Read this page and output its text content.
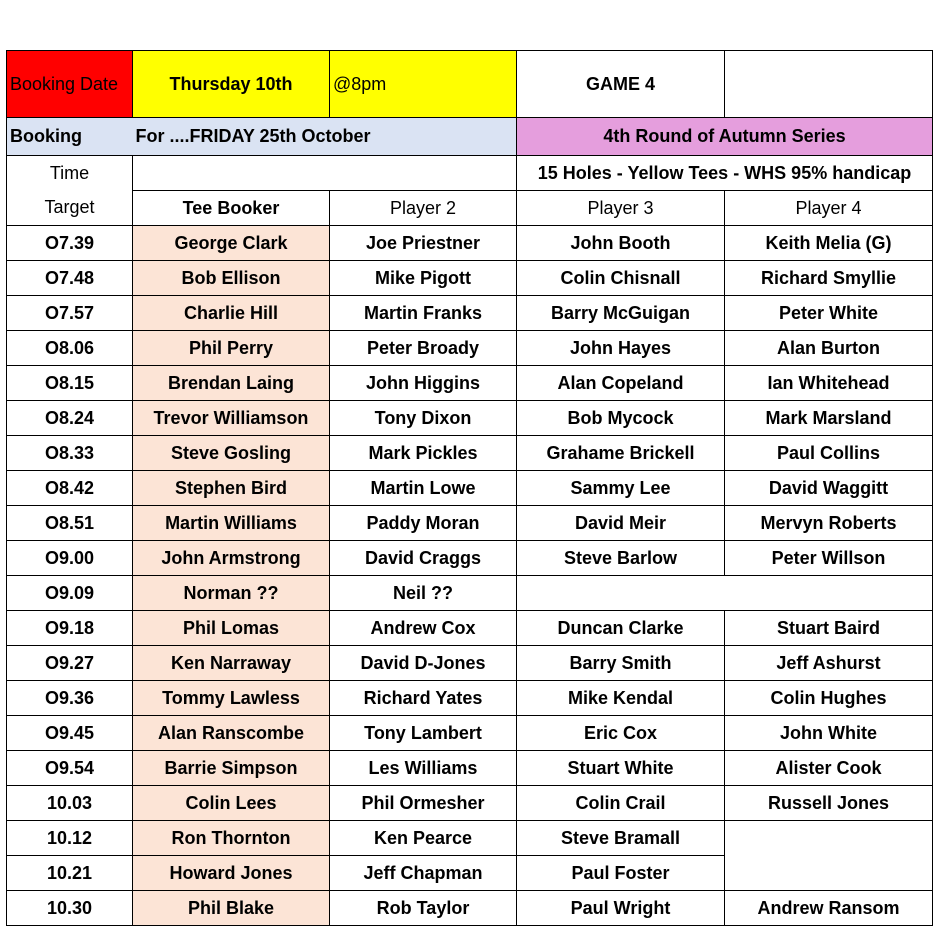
Booking Date	Thursday 10th	@8pm	GAME 4	
Booking	For ....FRIDAY 25th October		4th Round of Autumn Series	
Time			15 Holes - Yellow Tees - WHS 95% handicap	
Target	Tee Booker	Player 2	Player 3	Player 4
O7.39	George Clark	Joe Priestner	John Booth	Keith Melia (G)
O7.48	Bob Ellison	Mike Pigott	Colin Chisnall	Richard Smyllie
O7.57	Charlie Hill	Martin Franks	Barry McGuigan	Peter White
O8.06	Phil Perry	Peter Broady	John Hayes	Alan Burton
O8.15	Brendan Laing	John Higgins	Alan Copeland	Ian Whitehead
O8.24	Trevor Williamson	Tony Dixon	Bob Mycock	Mark Marsland
O8.33	Steve Gosling	Mark Pickles	Grahame Brickell	Paul Collins
O8.42	Stephen Bird	Martin Lowe	Sammy Lee	David Waggitt
O8.51	Martin Williams	Paddy Moran	David Meir	Mervyn Roberts
O9.00	John Armstrong	David Craggs	Steve Barlow	Peter Willson
O9.09	Norman ??	Neil ??		
O9.18	Phil Lomas	Andrew Cox	Duncan Clarke	Stuart Baird
O9.27	Ken Narraway	David D-Jones	Barry Smith	Jeff Ashurst
O9.36	Tommy Lawless	Richard Yates	Mike Kendal	Colin Hughes
O9.45	Alan Ranscombe	Tony Lambert	Eric Cox	John White
O9.54	Barrie Simpson	Les Williams	Stuart White	Alister Cook
10.03	Colin Lees	Phil Ormesher	Colin Crail	Russell Jones
10.12	Ron Thornton	Ken Pearce	Steve Bramall	
10.21	Howard Jones	Jeff Chapman	Paul Foster	
10.30	Phil Blake	Rob Taylor	Paul Wright	Andrew Ransom
